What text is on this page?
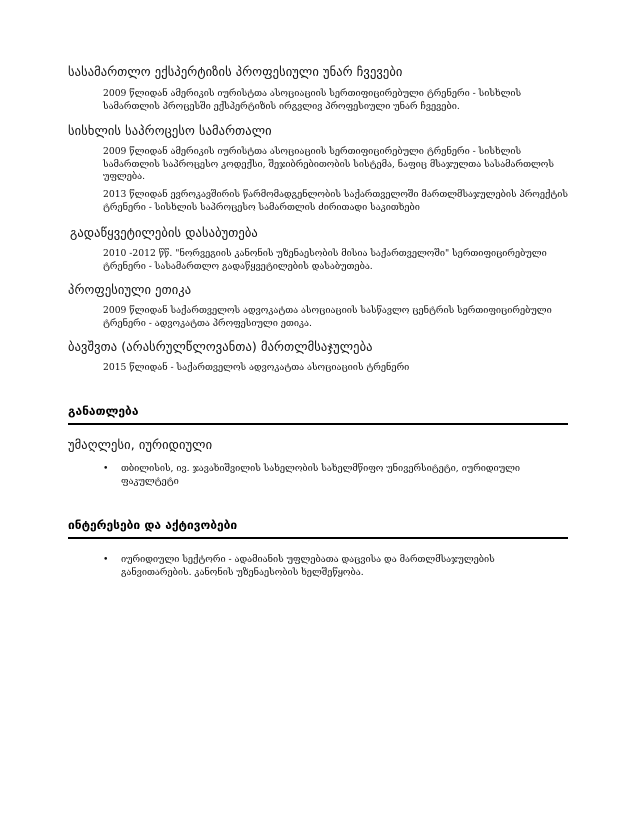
სასამართლო ექსპერტიზის პროფესიული უნარ ჩვევები
2009 წლიდან ამერიკის იურისტთა ასოციაციის სერთიფიცირებული ტრენერი - სისხლის სამართლის პროცესში ექსპერტიზის ირგვლივ პროფესიული უნარ ჩვევები.
სისხლის საპროცესო სამართალი
2009 წლიდან ამერიკის იურისტთა ასოციაციის სერთიფიცირებული ტრენერი - სისხლის სამართლის საპროცესო კოდექსი, შეჯიბრებითობის სისტემა, ნაფიც მსაჯულთა სასამართლოს უფლება.
2013 წლიდან ევროკავშირის წარმომადგენლობის საქართველოში მართლმსაჯულების პროექტის ტრენერი - სისხლის საპროცესო სამართლის ძირითადი საკითხები
გადაწყვეტილების დასაბუთება
2010 -2012 წწ. "ნორვეგიის კანონის უზენაესობის მისია საქართველოში" სერთიფიცირებული ტრენერი - სასამართლო გადაწყვეტილების დასაბუთება.
პროფესიული ეთიკა
2009 წლიდან საქართველოს ადვოკატთა ასოციაციის სასწავლო ცენტრის სერთიფიცირებული ტრენერი - ადვოკატთა პროფესიული ეთიკა.
ბავშვთა (არასრულწლოვანთა) მართლმსაჯულება
2015 წლიდან - საქართველოს ადვოკატთა ასოციაციის ტრენერი
განათლება
უმაღლესი, იურიდიული
•	თბილისის, ივ. ჯავახიშვილის სახელობის სახელმწიფო უნივერსიტეტი, იურიდიული ფაკულტეტი
ინტერესები და აქტივობები
•	იურიდიული სექტორი - ადამიანის უფლებათა დაცვისა და მართლმსაჯულების განვითარების. კანონის უზენაესობის ხელშეწყობა.
